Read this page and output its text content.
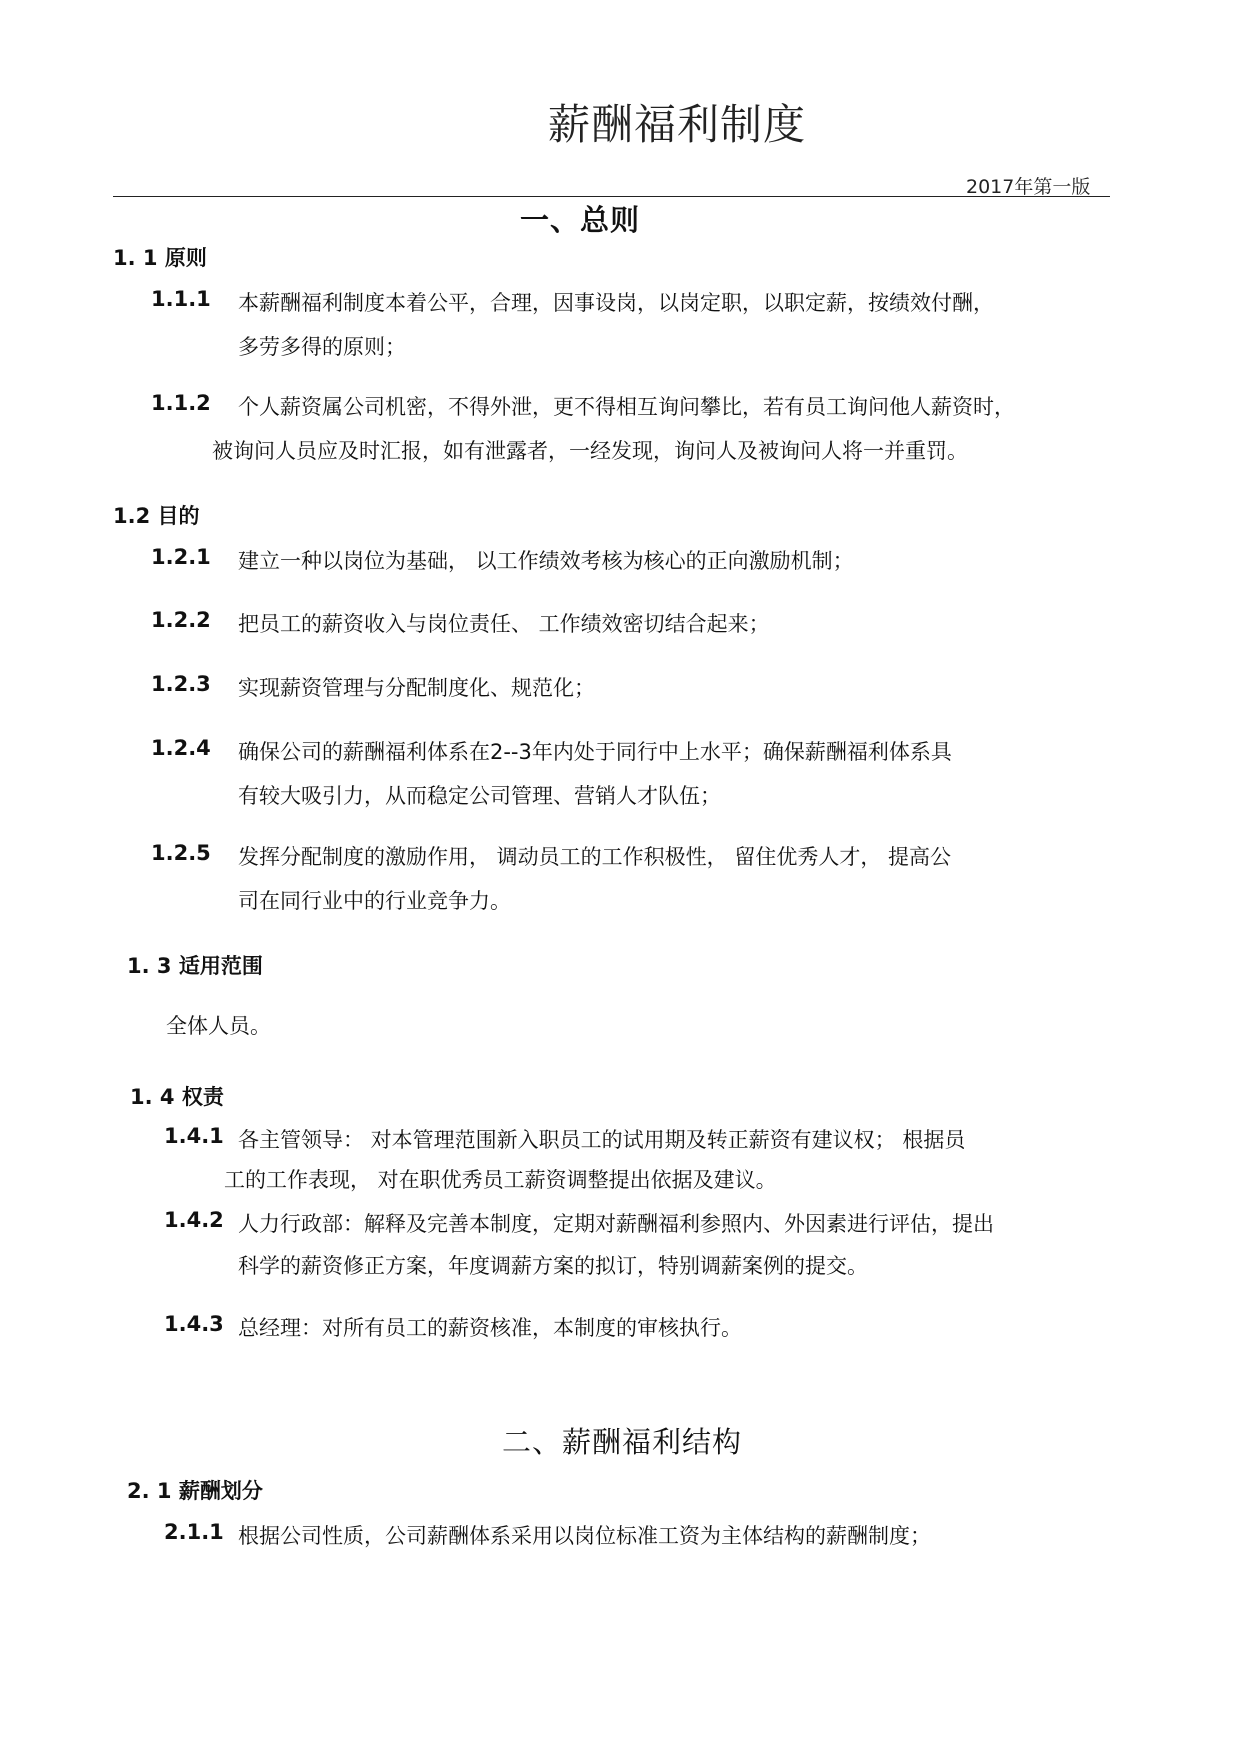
薪酬福利制度
2017年第一版
一、总则
1. 1 原则
1.1.1 本薪酬福利制度本着公平，合理，因事设岗，以岗定职，以职定薪，按绩效付酬，
多劳多得的原则；
1.1.2 个人薪资属公司机密，不得外泄，更不得相互询问攀比，若有员工询问他人薪资时，
被询问人员应及时汇报，如有泄露者，一经发现，询问人及被询问人将一并重罚。
1.2 目的
1.2.1 建立一种以岗位为基础， 以工作绩效考核为核心的正向激励机制；
1.2.2 把员工的薪资收入与岗位责任、 工作绩效密切结合起来；
1.2.3 实现薪资管理与分配制度化、规范化；
1.2.4 确保公司的薪酬福利体系在2--3年内处于同行中上水平；确保薪酬福利体系具
有较大吸引力，从而稳定公司管理、营销人才队伍；
1.2.5 发挥分配制度的激励作用， 调动员工的工作积极性， 留住优秀人才， 提高公
司在同行业中的行业竞争力。
1. 3 适用范围
全体人员。
1. 4 权责
1.4.1 各主管领导： 对本管理范围新入职员工的试用期及转正薪资有建议权； 根据员
工的工作表现， 对在职优秀员工薪资调整提出依据及建议。
1.4.2 人力行政部：解释及完善本制度，定期对薪酬福利参照内、外因素进行评估，提出
科学的薪资修正方案，年度调薪方案的拟订，特别调薪案例的提交。
1.4.3 总经理：对所有员工的薪资核准，本制度的审核执行。
二、薪酬福利结构
2. 1 薪酬划分
2.1.1 根据公司性质，公司薪酬体系采用以岗位标准工资为主体结构的薪酬制度；
